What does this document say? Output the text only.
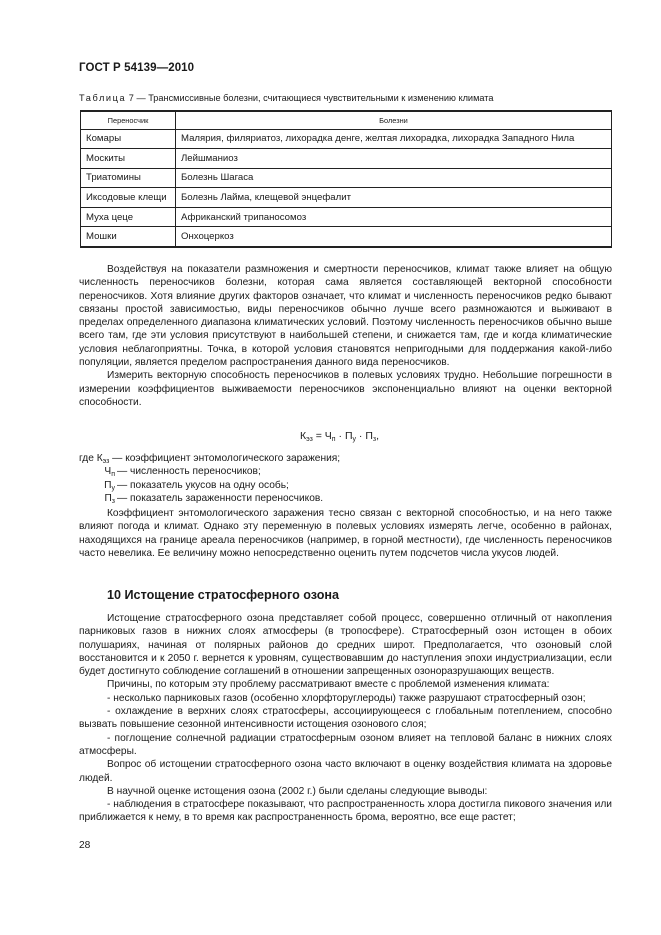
ГОСТ Р 54139—2010
Таблица 7 — Трансмиссивные болезни, считающиеся чувствительными к изменению климата
Переносчик	Болезни
Комары	Малярия, филяриатоз, лихорадка денге, желтая лихорадка, лихорадка Западного Нила
Москиты	Лейшманиоз
Триатомины	Болезнь Шагаса
Иксодовые клещи	Болезнь Лайма, клещевой энцефалит
Муха цеце	Африканский трипаносомоз
Мошки	Онхоцеркоз

Воздействуя на показатели размножения и смертности переносчиков, климат также влияет на общую численность переносчиков болезни, которая сама является составляющей векторной способности переносчиков. Хотя влияние других факторов означает, что климат и численность переносчиков редко бывают связаны простой зависимостью, виды переносчиков обычно лучше всего размножаются и выживают в пределах определенного диапазона климатических условий. Поэтому численность переносчиков обычно выше всего там, где эти условия присутствуют в наибольшей степени, и снижается там, где и когда климатические условия неблагоприятны. Точка, в которой условия становятся непригодными для поддержания какой-либо популяции, является пределом распространения данного вида переносчиков.

Измерить векторную способность переносчиков в полевых условиях трудно. Небольшие погрешности в измерении коэффициентов выживаемости переносчиков экспоненциально влияют на оценки векторной способности.

$К_{эз} = Ч_п \cdot П_у \cdot П_з$,
где $К_{эз}$ — коэффициент энтомологического заражения;
$Ч_п$ — численность переносчиков;
$П_у$ — показатель укусов на одну особь;
$П_з$ — показатель зараженности переносчиков.

Коэффициент энтомологического заражения тесно связан с векторной способностью, и на него также влияют погода и климат. Однако эту переменную в полевых условиях измерять легче, особенно в районах, находящихся на границе ареала переносчиков (например, в горной местности), где численность переносчиков часто невелика. Ее величину можно непосредственно оценить путем подсчетов числа укусов людей.

10 Истощение стратосферного озона

Истощение стратосферного озона представляет собой процесс, совершенно отличный от накопления парниковых газов в нижних слоях атмосферы (в тропосфере). Стратосферный озон истощен в обоих полушариях, начиная от полярных районов до средних широт. Предполагается, что озоновый слой восстановится и к 2050 г. вернется к уровням, существовавшим до наступления эпохи индустриализации, если будет достигнуто соблюдение соглашений в отношении запрещенных озоноразрушающих веществ.

Причины, по которым эту проблему рассматривают вместе с проблемой изменения климата:

- несколько парниковых газов (особенно хлорфторуглероды) также разрушают стратосферный озон;

- охлаждение в верхних слоях стратосферы, ассоциирующееся с глобальным потеплением, способно вызвать повышение сезонной интенсивности истощения озонового слоя;

- поглощение солнечной радиации стратосферным озоном влияет на тепловой баланс в нижних слоях атмосферы.

Вопрос об истощении стратосферного озона часто включают в оценку воздействия климата на здоровье людей.

В научной оценке истощения озона (2002 г.) были сделаны следующие выводы:

- наблюдения в стратосфере показывают, что распространенность хлора достигла пикового значения или приближается к нему, в то время как распространенность брома, вероятно, все еще растет;

28
